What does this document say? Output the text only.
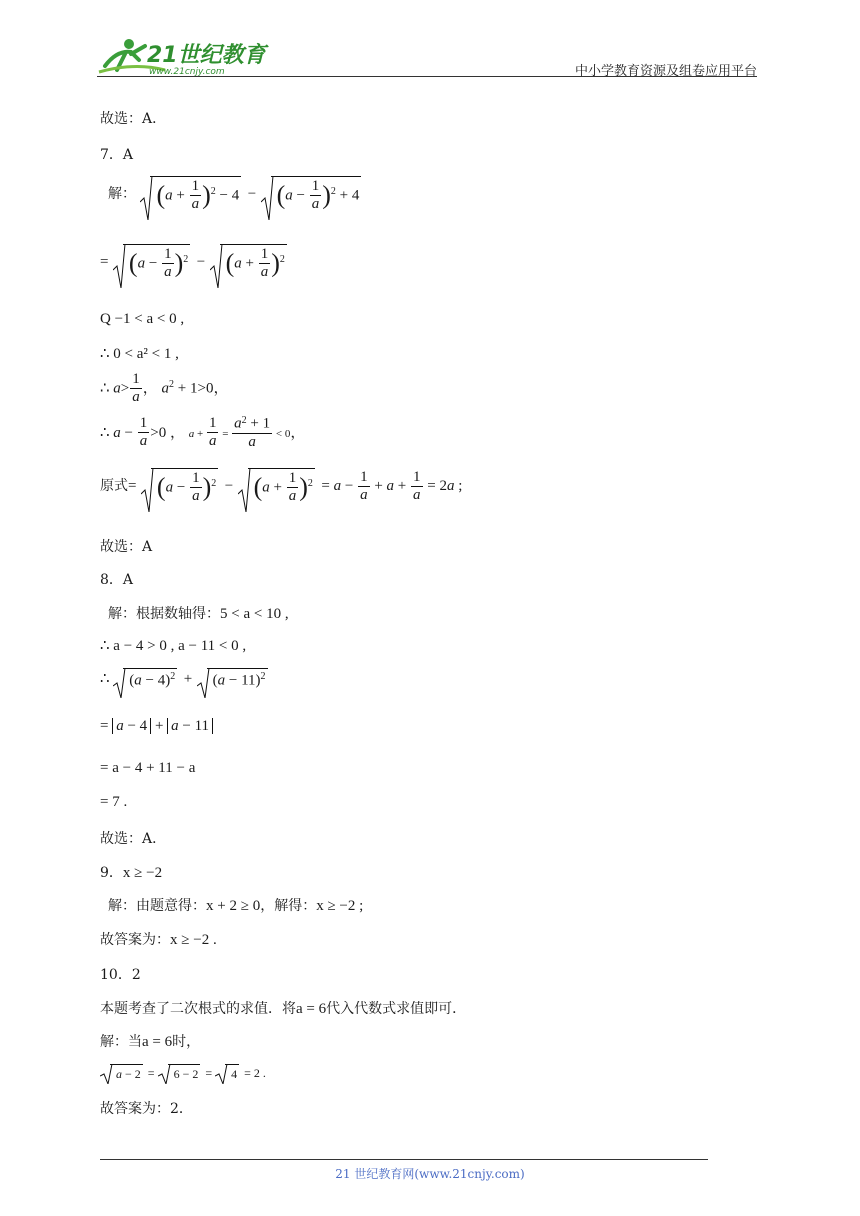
21世纪教育
www.21cnjy.com	中小学教育资源及组卷应用平台
故选：A．
7．A
解： $(a + \frac{1}{a} )^2 - 4 - (a - \frac{1}{a} )^2 + 4$
= $(a - \frac{1}{a} )^2 - (a + \frac{1}{a} )^2$
Q −1 < a < 0 ,
∴ 0 < a² < 1 ,
∴ $a> \frac{1}{a}$ ， $a^2 + 1>0$，
∴ $a - \frac{1}{a} >0$ ， $a + \frac{1}{a} = \frac{a^2 + 1}{a} < 0$，
原式= $(a - \frac{1}{a} )^2 - (a + \frac{1}{a} )^2 = a - \frac{1}{a} + a + \frac{1}{a} = 2a$ ;
故选：A
8．A
解：根据数轴得：5 < a < 10 ,
∴ a − 4 > 0 , a − 11 < 0 ,
∴
$(a - 4)^2 + (a - 11)^2$
= a − 4 + a − 11
= a − 4 + 11 − a
= 7 .
故选：A．
9．x ≥ −2
解：由题意得：x + 2 ≥ 0，解得：x ≥ −2 ;
故答案为：x ≥ −2 .
10．2
本题考查了二次根式的求值．将a = 6代入代数式求值即可．
解：当a = 6时，
a − 2 =
6 − 2 =
4 = 2 .
故答案为：2．
21 世纪教育网(www.21cnjy.com)
